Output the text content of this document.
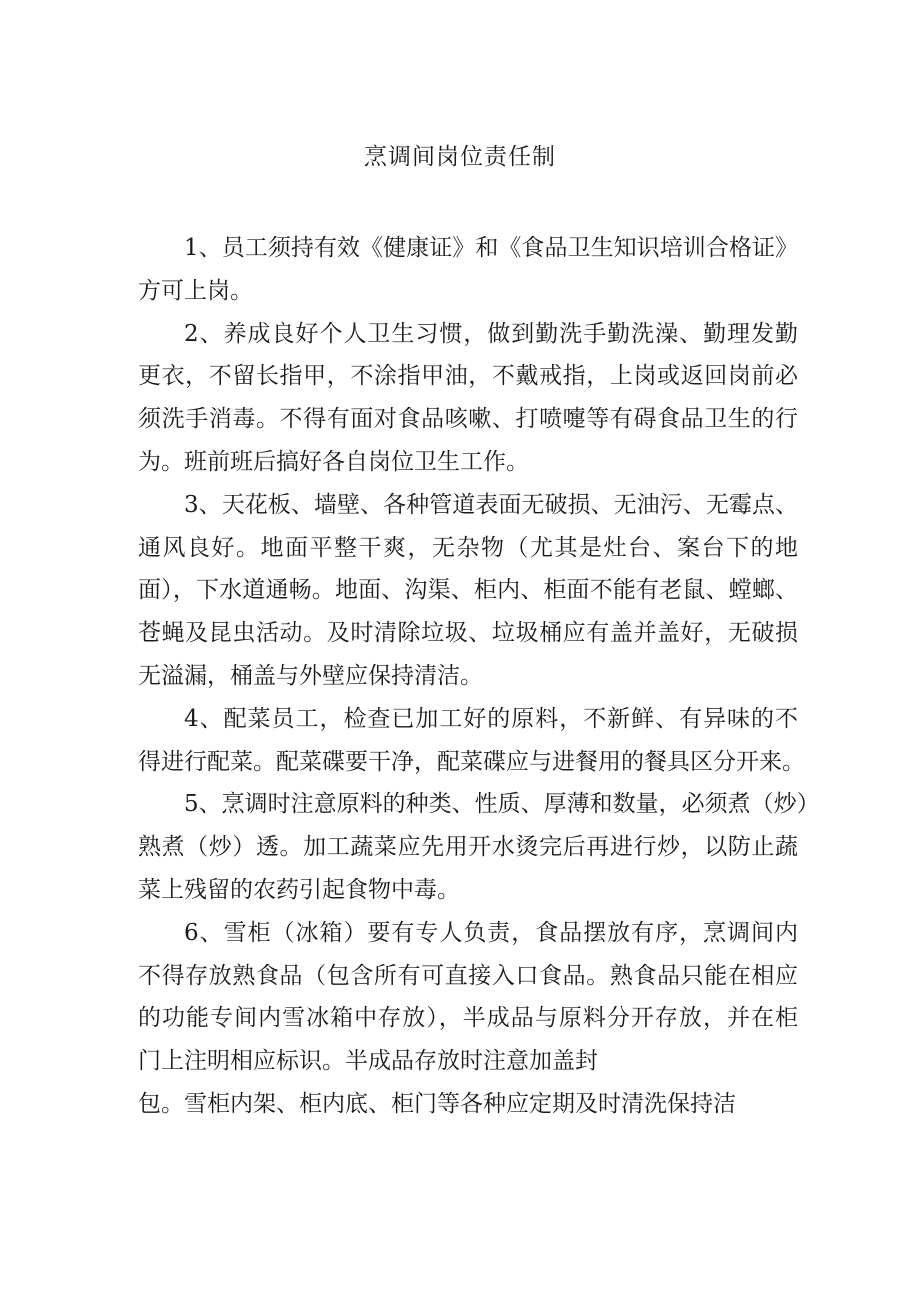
烹调间岗位责任制
1、员工须持有效《健康证》和《食品卫生知识培训合格证》
方可上岗。
2、养成良好个人卫生习惯，做到勤洗手勤洗澡、勤理发勤
更衣，不留长指甲，不涂指甲油，不戴戒指，上岗或返回岗前必
须洗手消毒。不得有面对食品咳嗽、打喷嚏等有碍食品卫生的行
为。班前班后搞好各自岗位卫生工作。
3、天花板、墙壁、各种管道表面无破损、无油污、无霉点、
通风良好。地面平整干爽，无杂物（尤其是灶台、案台下的地
面），下水道通畅。地面、沟渠、柜内、柜面不能有老鼠、螳螂、
苍蝇及昆虫活动。及时清除垃圾、垃圾桶应有盖并盖好，无破损
无溢漏，桶盖与外壁应保持清洁。
4、配菜员工，检查已加工好的原料，不新鲜、有异味的不
得进行配菜。配菜碟要干净，配菜碟应与进餐用的餐具区分开来。
5、烹调时注意原料的种类、性质、厚薄和数量，必须煮（炒）
熟煮（炒）透。加工蔬菜应先用开水烫完后再进行炒，以防止蔬
菜上残留的农药引起食物中毒。
6、雪柜（冰箱）要有专人负责，食品摆放有序，烹调间内
不得存放熟食品（包含所有可直接入口食品。熟食品只能在相应
的功能专间内雪冰箱中存放），半成品与原料分开存放，并在柜
门上注明相应标识。半成品存放时注意加盖封
包。雪柜内架、柜内底、柜门等各种应定期及时清洗保持洁
